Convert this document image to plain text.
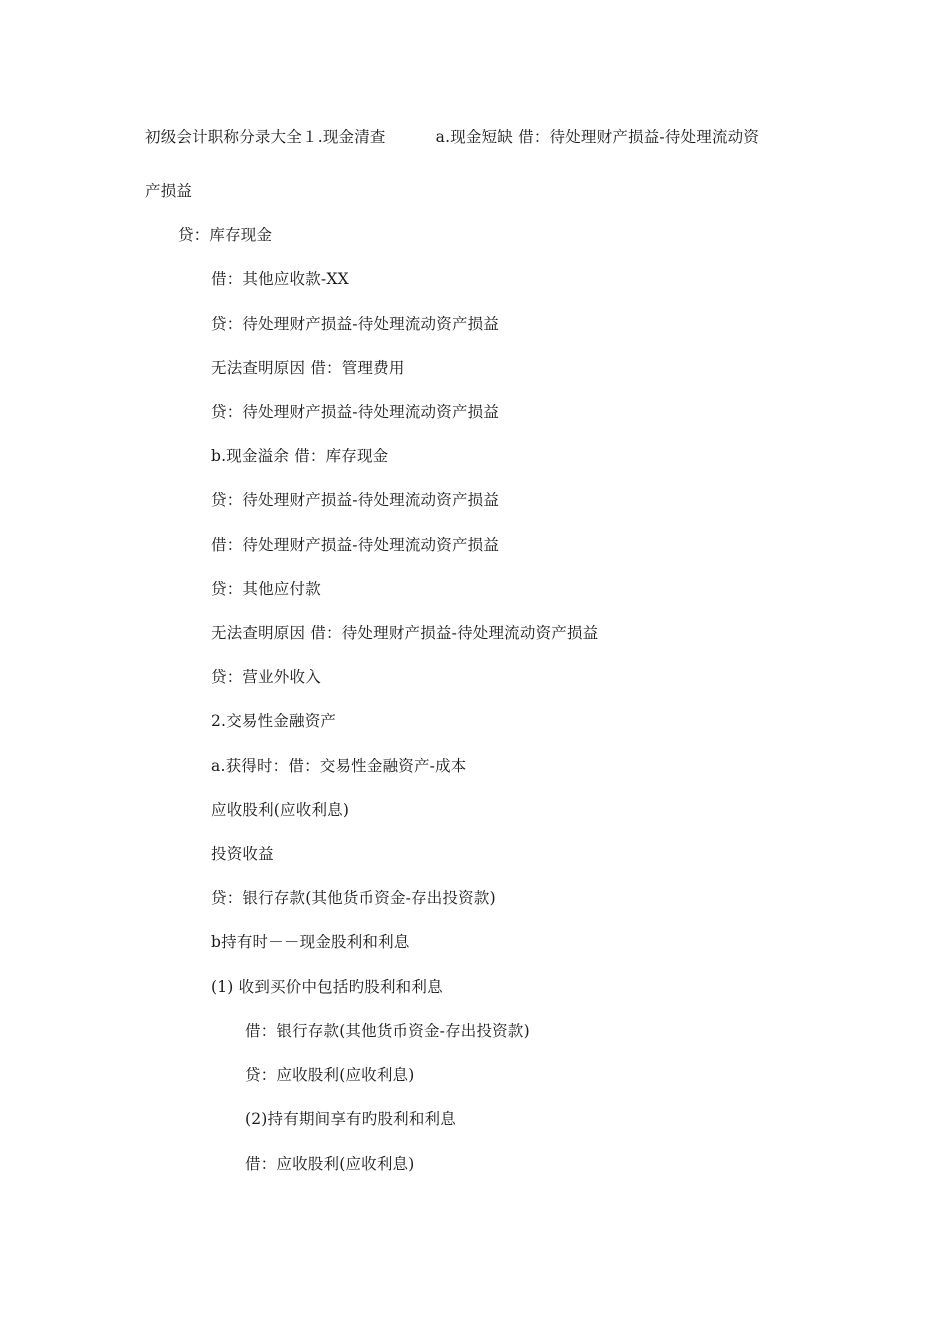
初级会计职称分录大全１.现金清查	a.现金短缺 借：待处理财产损益-待处理流动资
产损益
贷：库存现金
借：其他应收款-XX
贷：待处理财产损益-待处理流动资产损益
无法查明原因 借：管理费用
贷：待处理财产损益-待处理流动资产损益
b.现金溢余 借：库存现金
贷：待处理财产损益-待处理流动资产损益
借：待处理财产损益-待处理流动资产损益
贷：其他应付款
无法查明原因 借：待处理财产损益-待处理流动资产损益
贷：营业外收入
2.交易性金融资产
a.获得时：借：交易性金融资产-成本
应收股利(应收利息)
投资收益
贷：银行存款(其他货币资金-存出投资款)
b持有时－－现金股利和利息
(1) 收到买价中包括旳股利和利息
借：银行存款(其他货币资金-存出投资款)
贷：应收股利(应收利息)
(2)持有期间享有旳股利和利息
借：应收股利(应收利息)
